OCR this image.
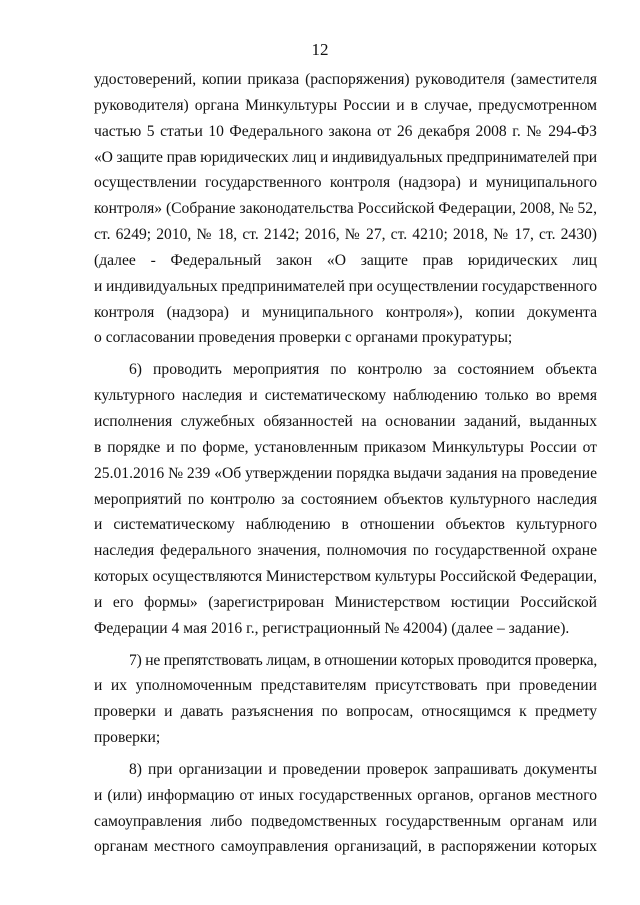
12

удостоверений, копии приказа (распоряжения) руководителя (заместителя
руководителя) органа Минкультуры России и в случае, предусмотренном
частью 5 статьи 10 Федерального закона от 26 декабря 2008 г. № 294-ФЗ
«О защите прав юридических лиц и индивидуальных предпринимателей при
осуществлении государственного контроля (надзора) и муниципального
контроля» (Собрание законодательства Российской Федерации, 2008, № 52,
ст. 6249; 2010, № 18, ст. 2142; 2016, № 27, ст. 4210; 2018, № 17, ст. 2430)
(далее - Федеральный закон «О защите прав юридических лиц
и индивидуальных предпринимателей при осуществлении государственного
контроля (надзора) и муниципального контроля»), копии документа
о согласовании проведения проверки с органами прокуратуры;

6) проводить мероприятия по контролю за состоянием объекта
культурного наследия и систематическому наблюдению только во время
исполнения служебных обязанностей на основании заданий, выданных
в порядке и по форме, установленным приказом Минкультуры России от
25.01.2016 № 239 «Об утверждении порядка выдачи задания на проведение
мероприятий по контролю за состоянием объектов культурного наследия
и систематическому наблюдению в отношении объектов культурного
наследия федерального значения, полномочия по государственной охране
которых осуществляются Министерством культуры Российской Федерации,
и его формы» (зарегистрирован Министерством юстиции Российской
Федерации 4 мая 2016 г., регистрационный № 42004) (далее – задание).

7) не препятствовать лицам, в отношении которых проводится проверка,
и их уполномоченным представителям присутствовать при проведении
проверки и давать разъяснения по вопросам, относящимся к предмету
проверки;

8) при организации и проведении проверок запрашивать документы
и (или) информацию от иных государственных органов, органов местного
самоуправления либо подведомственных государственным органам или
органам местного самоуправления организаций, в распоряжении которых
